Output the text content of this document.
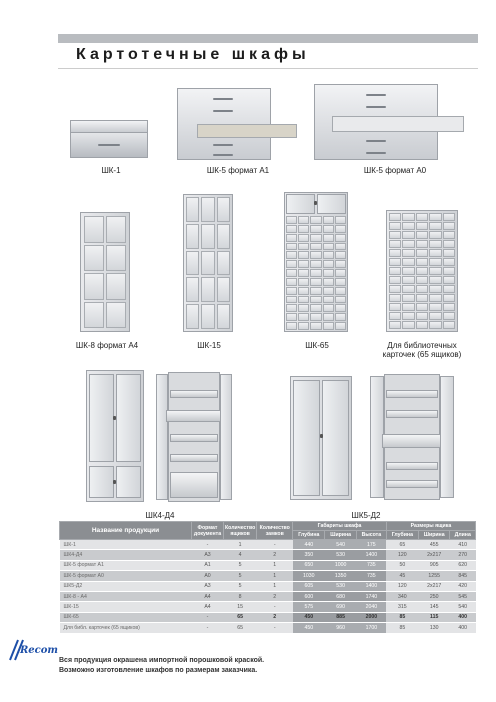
Картотечные шкафы
ШК-1	ШК-5 формат А1	ШК-5 формат А0
ШК-8 формат А4	ШК-15	ШК-65	Для библиотечных
карточек (65 ящиков)
ШК4-Д4	ШК5-Д2
Название продукции	Формат документа	Количество ящиков	Количество замков	Габариты шкафа			Размеры ящика		
				Глубина	Ширина	Высота	Глубина	Ширина	Длина
ШК-1	-	1	-	440	540	175	65	455	410
ШК4-Д4	А3	4	2	350	530	1400	120	2х217	270
ШК-5 формат А1	А1	5	1	650	1000	735	50	905	620
ШК-5 формат А0	А0	5	1	1030	1350	735	45	1255	845
ШК5-Д2	А3	5	1	605	530	1400	120	2х217	420
ШК-8 - А4	А4	8	2	600	680	1740	340	250	545
ШК-15	А4	15	-	575	690	2040	315	145	540
ШК-65	-	65	2	450	885	2000	85	115	400
Для библ. карточек (65 ящиков)	-	65	-	450	960	1700	85	130	400
Recom
Вся продукция окрашена импортной порошковой краской.
Возможно изготовление шкафов по размерам заказчика.
